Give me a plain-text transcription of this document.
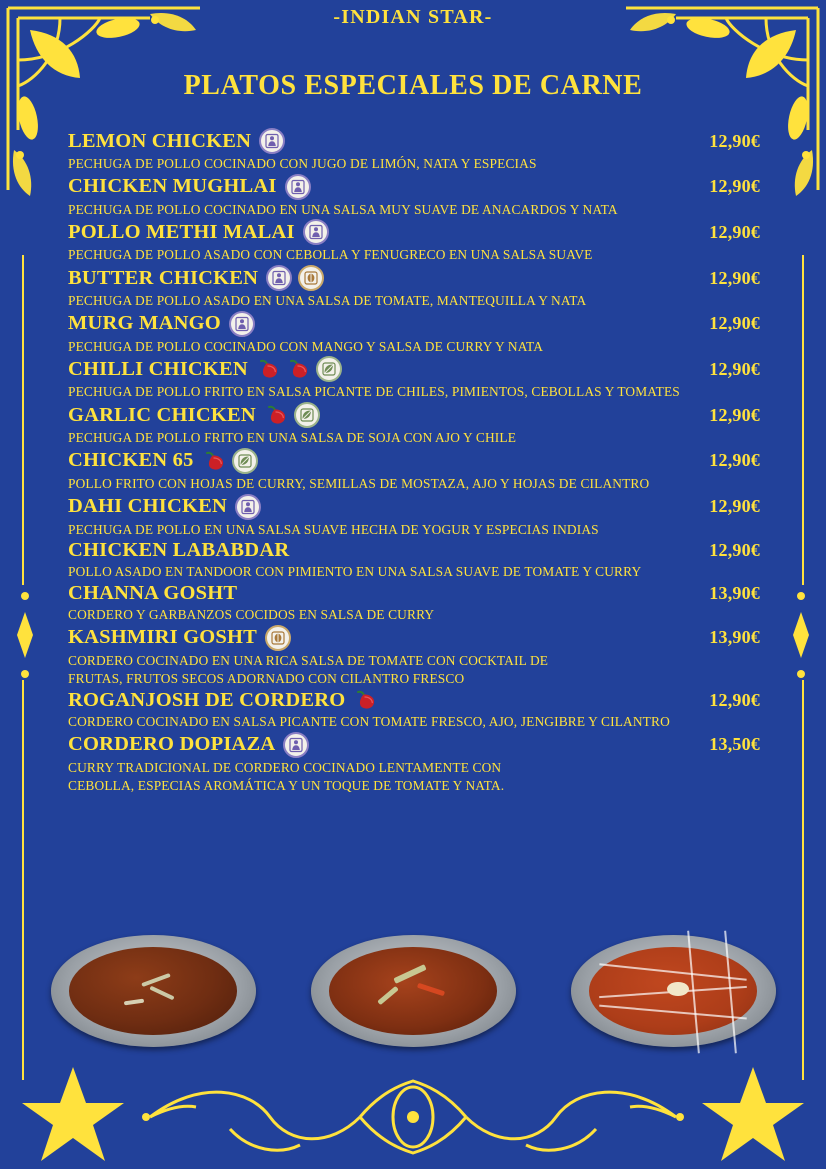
-INDIAN STAR-
PLATOS ESPECIALES DE CARNE
LEMON CHICKEN	12,90€
PECHUGA DE POLLO COCINADO CON JUGO DE LIMÓN, NATA Y ESPECIAS
CHICKEN MUGHLAI	12,90€
PECHUGA DE POLLO COCINADO EN UNA SALSA MUY SUAVE DE ANACARDOS Y NATA
POLLO METHI MALAI	12,90€
PECHUGA DE POLLO ASADO CON CEBOLLA Y FENUGRECO EN UNA SALSA SUAVE
BUTTER CHICKEN	12,90€
PECHUGA DE POLLO ASADO EN UNA SALSA DE TOMATE, MANTEQUILLA Y NATA
MURG MANGO	12,90€
PECHUGA DE POLLO COCINADO CON MANGO Y SALSA DE CURRY Y NATA
CHILLI CHICKEN	12,90€
PECHUGA DE POLLO FRITO EN SALSA PICANTE DE CHILES, PIMIENTOS, CEBOLLAS Y TOMATES
GARLIC CHICKEN	12,90€
PECHUGA DE POLLO FRITO EN UNA SALSA DE SOJA CON AJO Y CHILE
CHICKEN 65	12,90€
POLLO FRITO CON HOJAS DE CURRY, SEMILLAS DE MOSTAZA, AJO Y HOJAS DE CILANTRO
DAHI CHICKEN	12,90€
PECHUGA DE POLLO EN UNA SALSA SUAVE HECHA DE YOGUR Y ESPECIAS INDIAS
CHICKEN LABABDAR	12,90€
POLLO ASADO EN TANDOOR CON PIMIENTO EN UNA SALSA SUAVE DE TOMATE Y CURRY
CHANNA GOSHT	13,90€
CORDERO Y GARBANZOS COCIDOS EN SALSA DE CURRY
KASHMIRI GOSHT	13,90€
CORDERO COCINADO EN UNA RICA SALSA DE TOMATE CON COCKTAIL DE
FRUTAS, FRUTOS SECOS ADORNADO CON CILANTRO FRESCO
ROGANJOSH DE CORDERO	12,90€
CORDERO COCINADO EN SALSA PICANTE CON TOMATE FRESCO, AJO, JENGIBRE Y CILANTRO
CORDERO DOPIAZA	13,50€
CURRY TRADICIONAL DE CORDERO COCINADO LENTAMENTE CON
CEBOLLA, ESPECIAS AROMÁTICA Y UN TOQUE DE TOMATE Y NATA.
